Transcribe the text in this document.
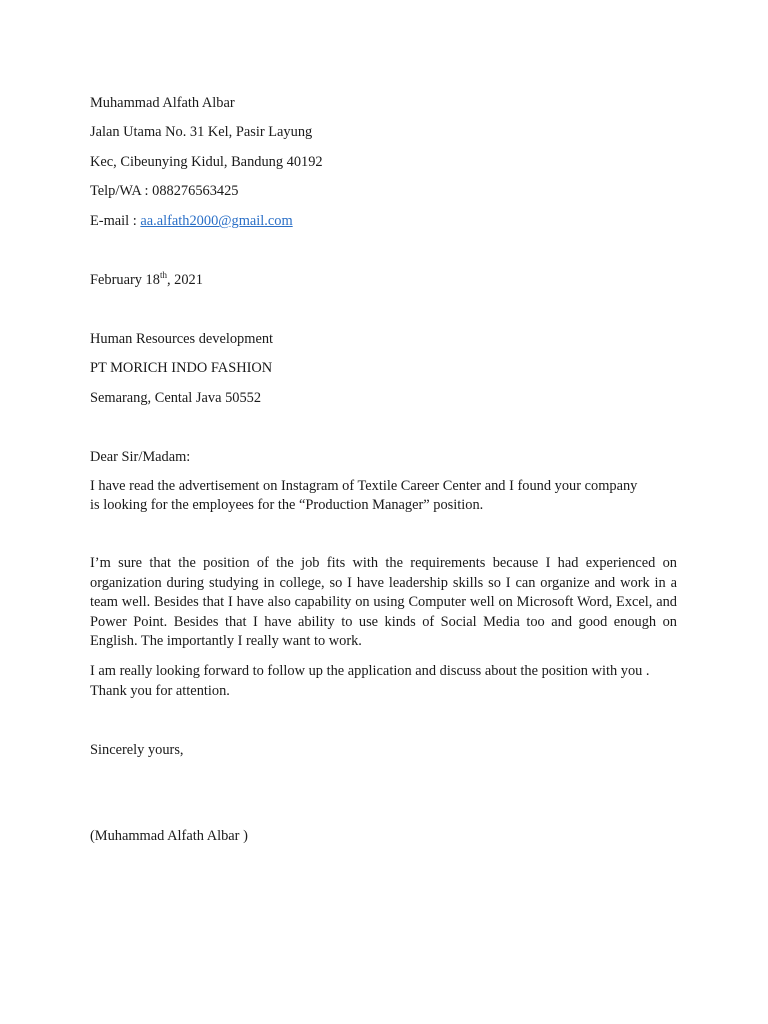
Muhammad Alfath Albar
Jalan Utama No. 31 Kel, Pasir Layung
Kec, Cibeunying Kidul, Bandung 40192
Telp/WA : 088276563425
E-mail : aa.alfath2000@gmail.com
February 18th, 2021
Human Resources development
PT MORICH INDO FASHION
Semarang, Cental Java 50552
Dear Sir/Madam:
I have read the advertisement on Instagram of Textile Career Center and I found your company
is looking for the employees for the “Production Manager” position.
I’m sure that the position of the job fits with the requirements because I had experienced on organization during studying in college, so I have leadership skills so I can organize and work in a team well. Besides that I have also capability on using Computer well on Microsoft Word, Excel, and Power Point. Besides that I have ability to use kinds of Social Media too and good enough on English. The importantly I really want to work.
I am really looking forward to follow up the application and discuss about the position with you .
Thank you for attention.
Sincerely yours,
(Muhammad Alfath Albar )
